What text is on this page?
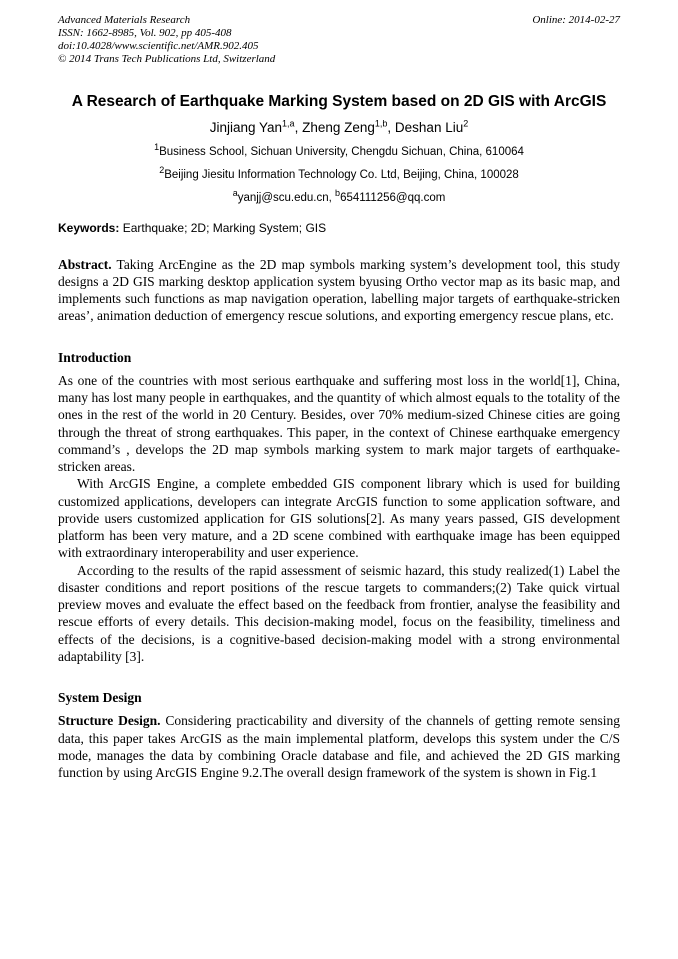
Advanced Materials Research
ISSN: 1662-8985, Vol. 902, pp 405-408
doi:10.4028/www.scientific.net/AMR.902.405
© 2014 Trans Tech Publications Ltd, Switzerland
Online: 2014-02-27
A Research of Earthquake Marking System based on 2D GIS with ArcGIS
Jinjiang Yan$^{1,a}$, Zheng Zeng$^{1,b}$, Deshan Liu$^2$
$^1$Business School, Sichuan University, Chengdu Sichuan, China, 610064
$^2$Beijing Jiesitu Information Technology Co. Ltd, Beijing, China, 100028
$^a$yanjj@scu.edu.cn, $^b$654111256@qq.com
Keywords: Earthquake; 2D; Marking System; GIS

Abstract. Taking ArcEngine as the 2D map symbols marking system’s development tool, this study designs a 2D GIS marking desktop application system byusing Ortho vector map as its basic map, and implements such functions as map navigation operation, labelling major targets of earthquake-stricken areas’, animation deduction of emergency rescue solutions, and exporting emergency rescue plans, etc.

Introduction

As one of the countries with most serious earthquake and suffering most loss in the world[1], China, many has lost many people in earthquakes, and the quantity of which almost equals to the totality of the ones in the rest of the world in 20 Century. Besides, over 70% medium-sized Chinese cities are going through the threat of strong earthquakes. This paper, in the context of Chinese earthquake emergency command’s , develops the 2D map symbols marking system to mark major targets of earthquake-stricken areas.

With ArcGIS Engine, a complete embedded GIS component library which is used for building customized applications, developers can integrate ArcGIS function to some application software, and provide users customized application for GIS solutions[2]. As many years passed, GIS development platform has been very mature, and a 2D scene combined with earthquake image has been equipped with extraordinary interoperability and user experience.

According to the results of the rapid assessment of seismic hazard, this study realized(1) Label the disaster conditions and report positions of the rescue targets to commanders;(2) Take quick virtual preview moves and evaluate the effect based on the feedback from frontier, analyse the feasibility and rescue efforts of every details. This decision-making model, focus on the feasibility, timeliness and effects of the decisions, is a cognitive-based decision-making model with a strong environmental adaptability [3].

System Design

Structure Design. Considering practicability and diversity of the channels of getting remote sensing data, this paper takes ArcGIS as the main implemental platform, develops this system under the C/S mode, manages the data by combining Oracle database and file, and achieved the 2D GIS marking function by using ArcGIS Engine 9.2.The overall design framework of the system is shown in Fig.1
